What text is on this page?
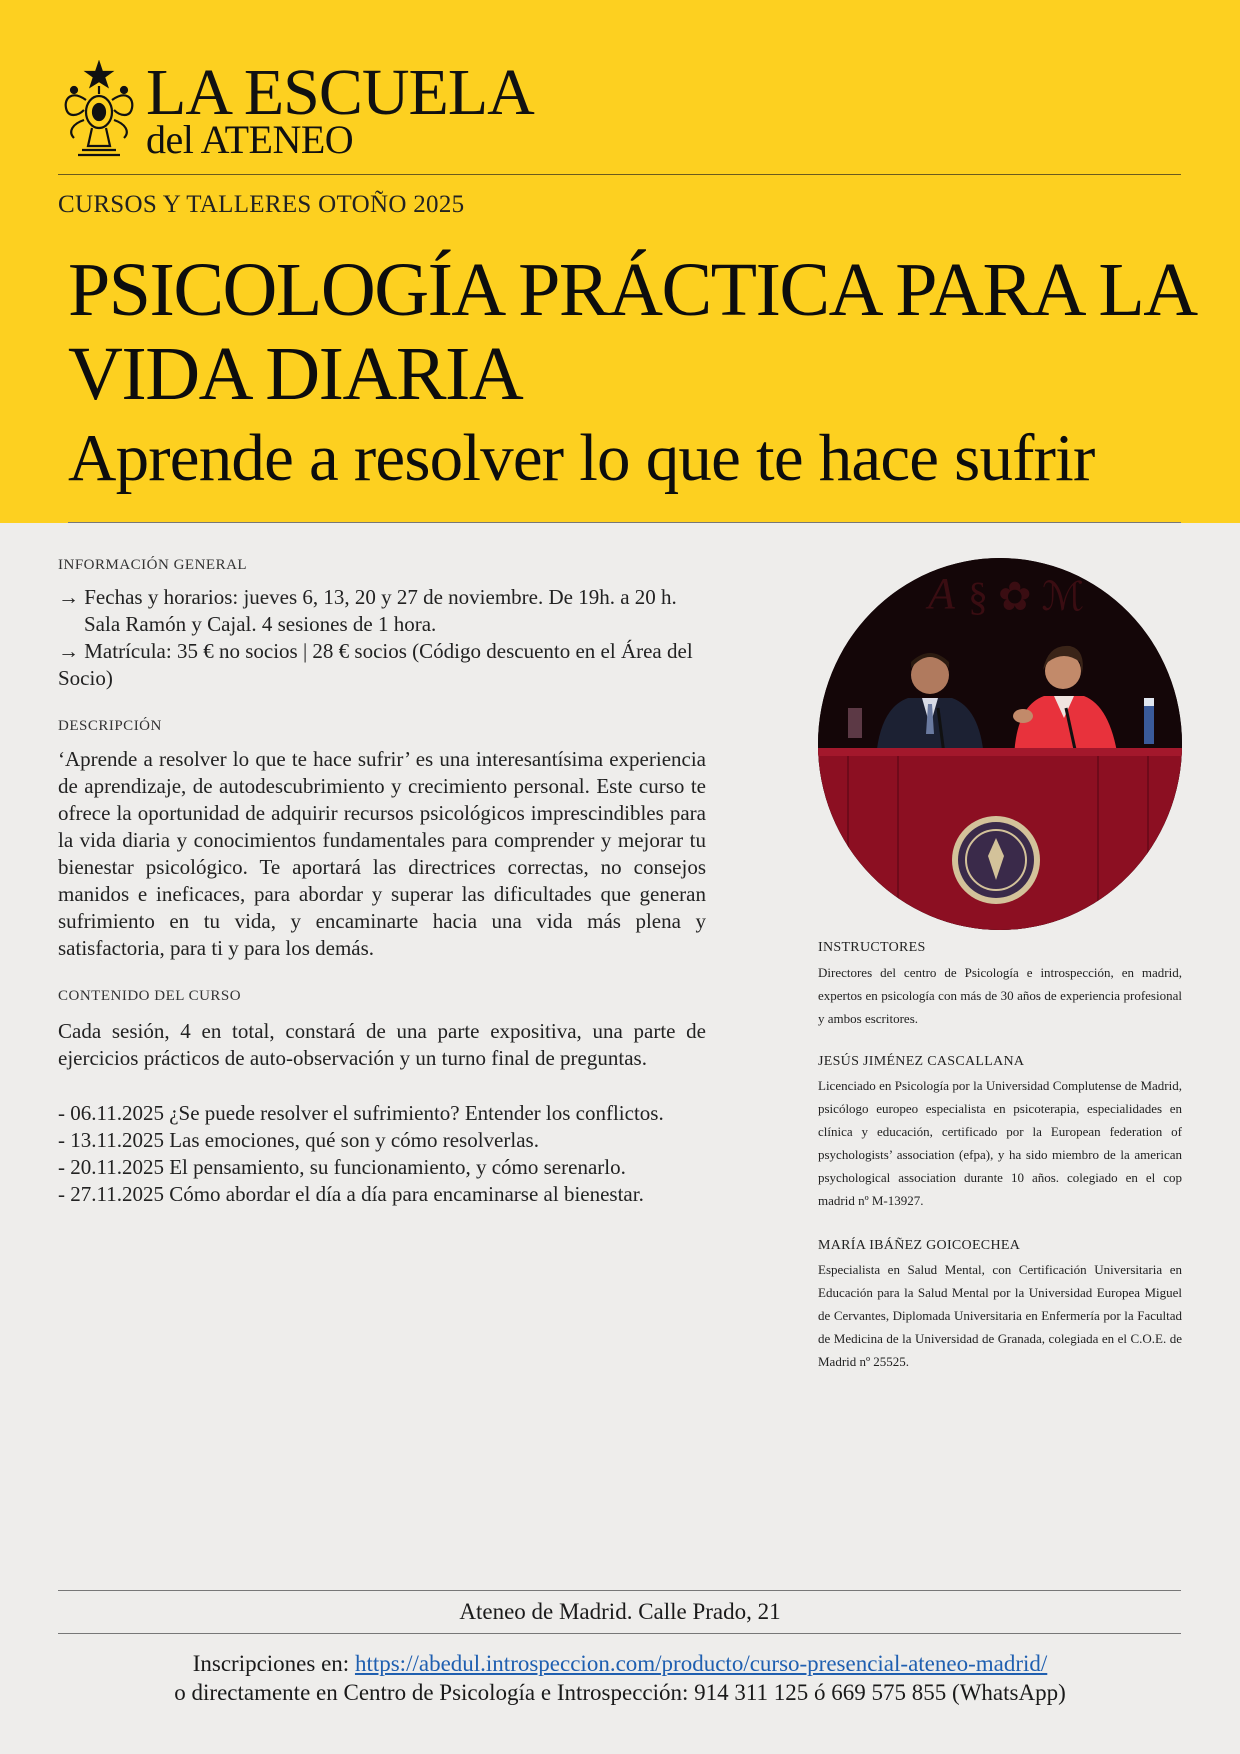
LA ESCUELA
del ATENEO
CURSOS Y TALLERES OTOÑO 2025
PSICOLOGÍA PRÁCTICA PARA LA VIDA DIARIA
Aprende a resolver lo que te hace sufrir
INFORMACIÓN GENERAL
→ Fechas y horarios: jueves 6, 13, 20 y 27 de noviembre. De 19h. a 20 h.
Sala Ramón y Cajal. 4 sesiones de 1 hora.
→ Matrícula: 35 € no socios | 28 € socios (Código descuento en el Área del Socio)
DESCRIPCIÓN
‘Aprende a resolver lo que te hace sufrir’ es una interesantísima experiencia de aprendizaje, de autodescubrimiento y crecimiento personal. Este curso te ofrece la oportunidad de adquirir recursos psicológicos imprescindibles para la vida diaria y conocimientos fundamentales para comprender y mejorar tu bienestar psicológico. Te aportará las directrices correctas, no consejos manidos e ineficaces, para abordar y superar las dificultades que generan sufrimiento en tu vida, y encaminarte hacia una vida más plena y satisfactoria, para ti y para los demás.
CONTENIDO DEL CURSO
Cada sesión, 4 en total, constará de una parte expositiva, una parte de ejercicios prácticos de auto-observación y un turno final de preguntas.
- 06.11.2025 ¿Se puede resolver el sufrimiento? Entender los conflictos.
- 13.11.2025 Las emociones, qué son y cómo resolverlas.
- 20.11.2025 El pensamiento, su funcionamiento, y cómo serenarlo.
- 27.11.2025 Cómo abordar el día a día para encaminarse al bienestar.
A § ✿ ℳ
INSTRUCTORES
Directores del centro de Psicología e introspección, en madrid, expertos en psicología con más de 30 años de experiencia profesional y ambos escritores.
JESÚS JIMÉNEZ CASCALLANA
Licenciado en Psicología por la Universidad Complutense de Madrid, psicólogo europeo especialista en psicoterapia, especialidades en clínica y educación, certificado por la European federation of psychologists’ association (efpa), y ha sido miembro de la american psychological association durante 10 años. colegiado en el cop madrid nº M-13927.
MARÍA IBÁÑEZ GOICOECHEA
Especialista en Salud Mental, con Certificación Universitaria en Educación para la Salud Mental por la Universidad Europea Miguel de Cervantes, Diplomada Universitaria en Enfermería por la Facultad de Medicina de la Universidad de Granada, colegiada en el C.O.E. de Madrid nº 25525.
Ateneo de Madrid. Calle Prado, 21
Inscripciones en: https://abedul.introspeccion.com/producto/curso-presencial-ateneo-madrid/
o directamente en Centro de Psicología e Introspección: 914 311 125 ó 669 575 855 (WhatsApp)
